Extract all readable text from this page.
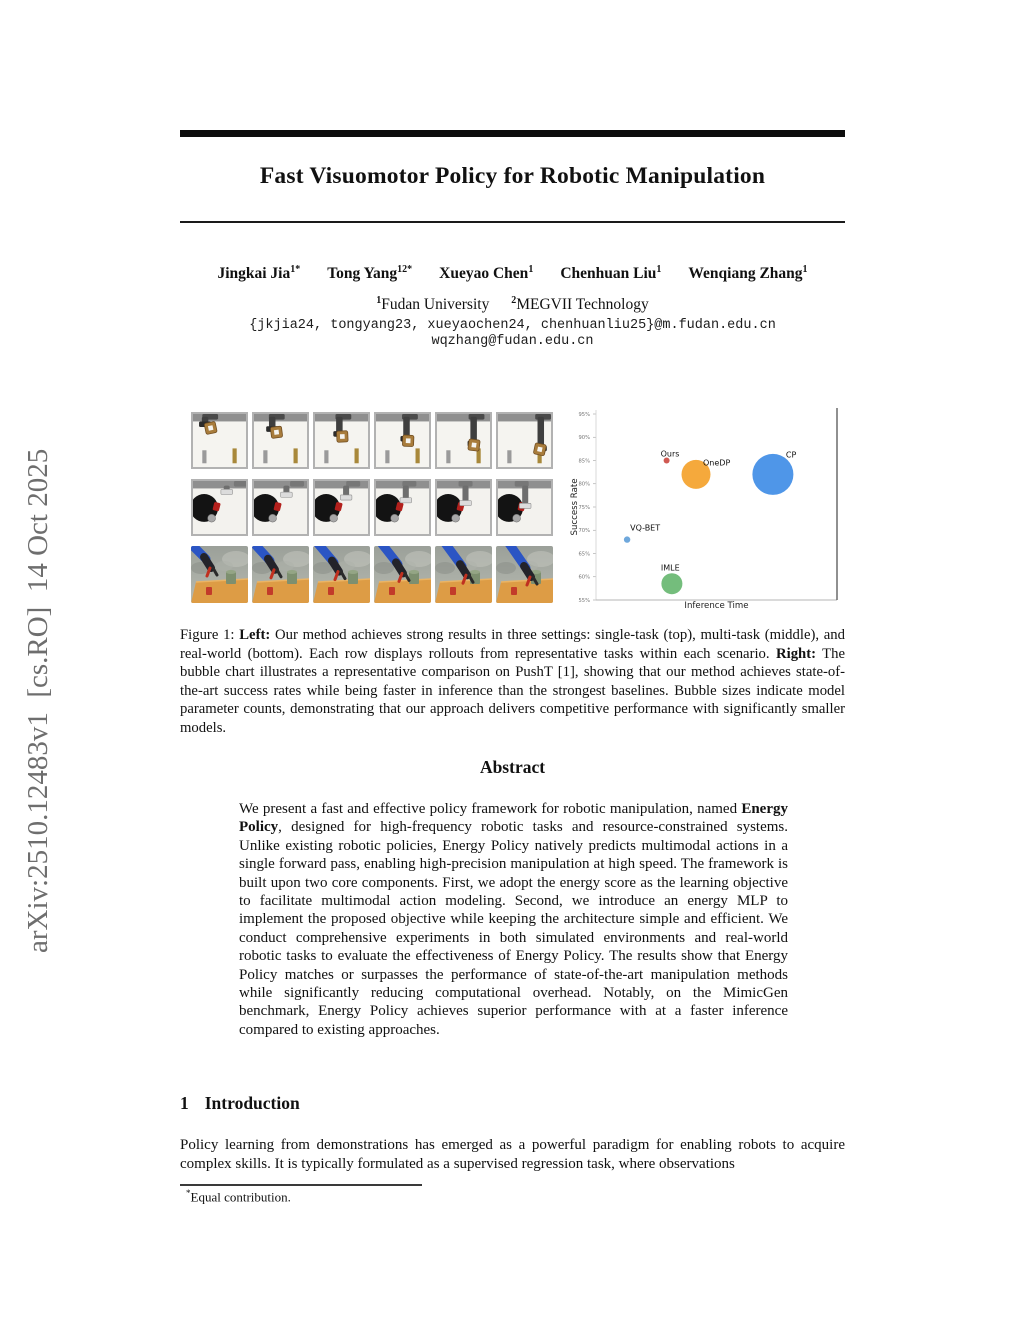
arXiv:2510.12483v1  [cs.RO]  14 Oct 2025
Fast Visuomotor Policy for Robotic Manipulation
Jingkai Jia$^{1*}$ Tong Yang$^{12*}$ Xueyao Chen$^1$ Chenhuan Liu$^1$ Wenqiang Zhang$^1$
$^1$Fudan University $^2$MEGVII Technology
{jkjia24, tongyang23, xueyaochen24, chenhuanliu25}@m.fudan.edu.cn
wqzhang@fudan.edu.cn
95%
90%
85%
80%
75%
70%
65%
60%
55%
Ours
OneDP
CP
VQ-BET
IMLE
Inference Time
Success Rate

Figure 1: Left: Our method achieves strong results in three settings: single-task (top), multi-task (middle), and real-world (bottom). Each row displays rollouts from representative tasks within each scenario. Right: The bubble chart illustrates a representative comparison on PushT [1], showing that our method achieves state-of-the-art success rates while being faster in inference than the strongest baselines. Bubble sizes indicate model parameter counts, demonstrating that our approach delivers competitive performance with significantly smaller models.

Abstract

We present a fast and effective policy framework for robotic manipulation, named Energy Policy, designed for high-frequency robotic tasks and resource-constrained systems. Unlike existing robotic policies, Energy Policy natively predicts multimodal actions in a single forward pass, enabling high-precision manipulation at high speed. The framework is built upon two core components. First, we adopt the energy score as the learning objective to facilitate multimodal action modeling. Second, we introduce an energy MLP to implement the proposed objective while keeping the architecture simple and efficient. We conduct comprehensive experiments in both simulated environments and real-world robotic tasks to evaluate the effectiveness of Energy Policy. The results show that Energy Policy matches or surpasses the performance of state-of-the-art manipulation methods while significantly reducing computational overhead. Notably, on the MimicGen benchmark, Energy Policy achieves superior performance with at a faster inference compared to existing approaches.

1 Introduction

Policy learning from demonstrations has emerged as a powerful paradigm for enabling robots to acquire complex skills. It is typically formulated as a supervised regression task, where observations

*Equal contribution.
